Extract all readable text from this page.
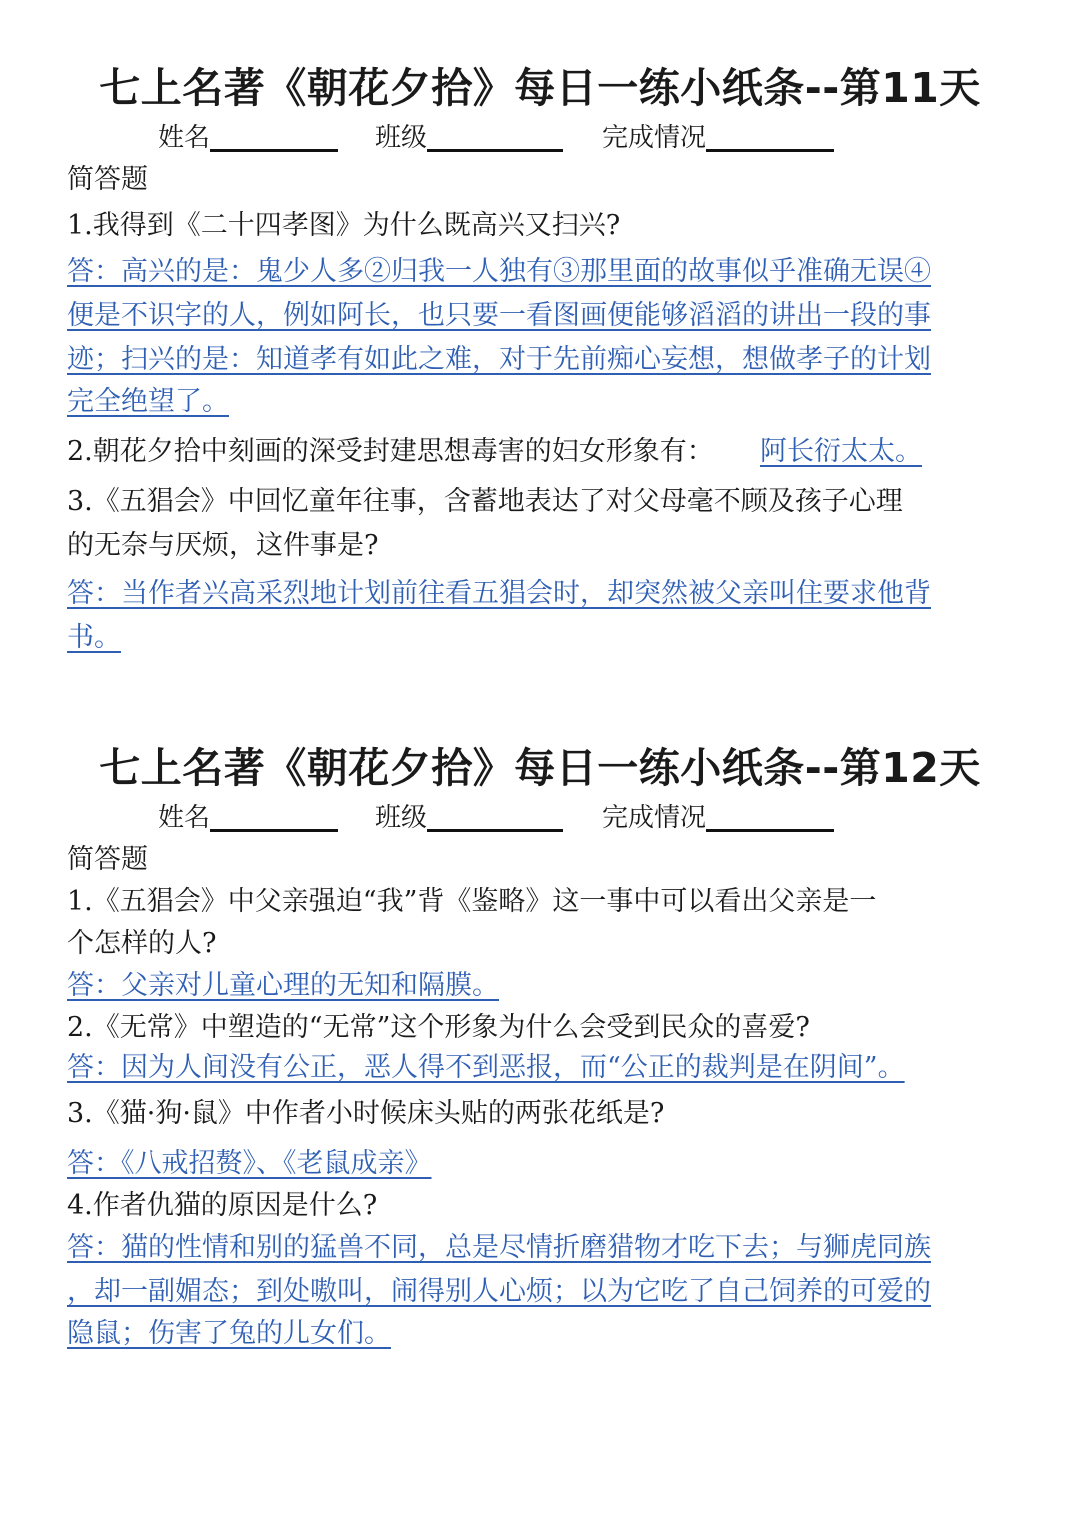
七上名著《朝花夕拾》每日一练小纸条--第11天
姓名	班级	完成情况
简答题
1.我得到《二十四孝图》为什么既高兴又扫兴?
答：高兴的是：鬼少人多②归我一人独有③那里面的故事似乎准确无误④
便是不识字的人，例如阿长，也只要一看图画便能够滔滔的讲出一段的事
迹；扫兴的是：知道孝有如此之难，对于先前痴心妄想，想做孝子的计划
完全绝望了。
2.朝花夕拾中刻画的深受封建思想毒害的妇女形象有： 阿长衍太太。
3.《五猖会》中回忆童年往事，含蓄地表达了对父母毫不顾及孩子心理
的无奈与厌烦，这件事是?
答：当作者兴高采烈地计划前往看五猖会时，却突然被父亲叫住要求他背
书。
七上名著《朝花夕拾》每日一练小纸条--第12天
姓名	班级	完成情况
简答题
1.《五猖会》中父亲强迫“我”背《鉴略》这一事中可以看出父亲是一
个怎样的人?
答：父亲对儿童心理的无知和隔膜。
2.《无常》中塑造的“无常”这个形象为什么会受到民众的喜爱?
答：因为人间没有公正，恶人得不到恶报，而“公正的裁判是在阴间”。
3.《猫·狗·鼠》中作者小时候床头贴的两张花纸是?
答：《八戒招赘》、《老鼠成亲》
4.作者仇猫的原因是什么?
答：猫的性情和别的猛兽不同，总是尽情折磨猎物才吃下去；与狮虎同族
，却一副媚态；到处嗷叫，闹得别人心烦；以为它吃了自己饲养的可爱的
隐鼠；伤害了兔的儿女们。
